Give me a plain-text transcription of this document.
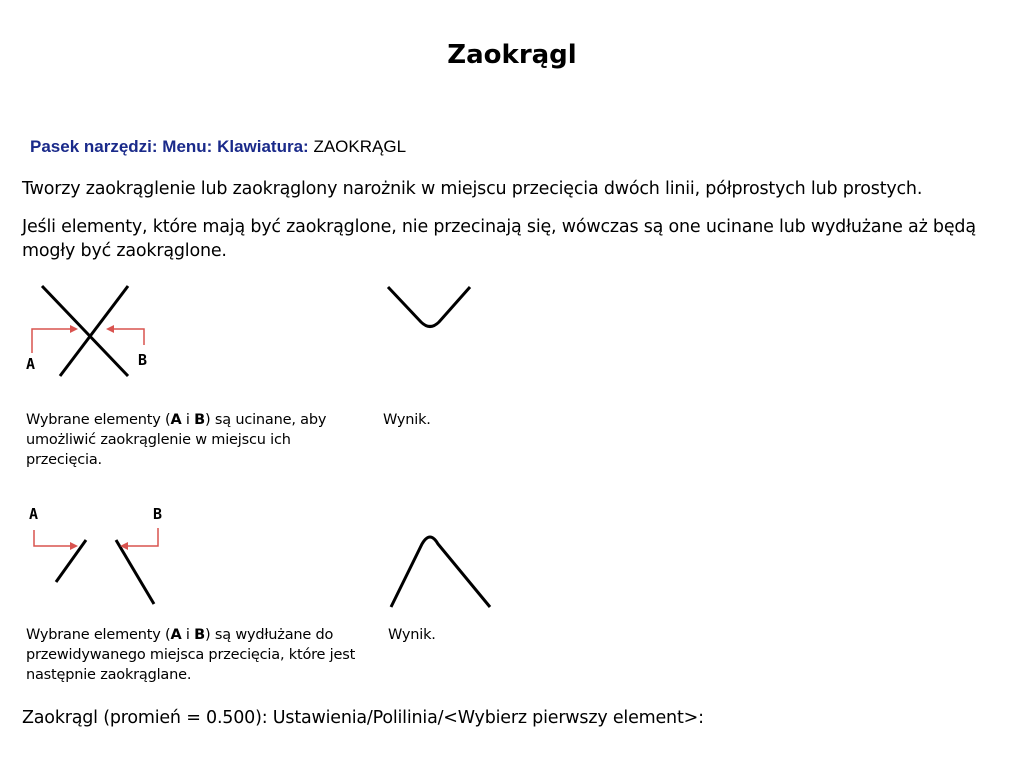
Zaokrągl
Pasek narzędzi: Menu: Klawiatura: ZAOKRĄGL
Tworzy zaokrąglenie lub zaokrąglony narożnik w miejscu przecięcia dwóch linii, półprostych lub prostych.
Jeśli elementy, które mają być zaokrąglone, nie przecinają się, wówczas są one ucinane lub wydłużane aż będą mogły być zaokrąglone.
A	B
Wybrane elementy (A i B) są ucinane, aby umożliwić zaokrąglenie w miejscu ich przecięcia.
Wynik.
A	B
Wybrane elementy (A i B) są wydłużane do przewidywanego miejsca przecięcia, które jest następnie zaokrąglane.
Wynik.
Zaokrągl (promień = 0.500): Ustawienia/Polilinia/<Wybierz pierwszy element>:
